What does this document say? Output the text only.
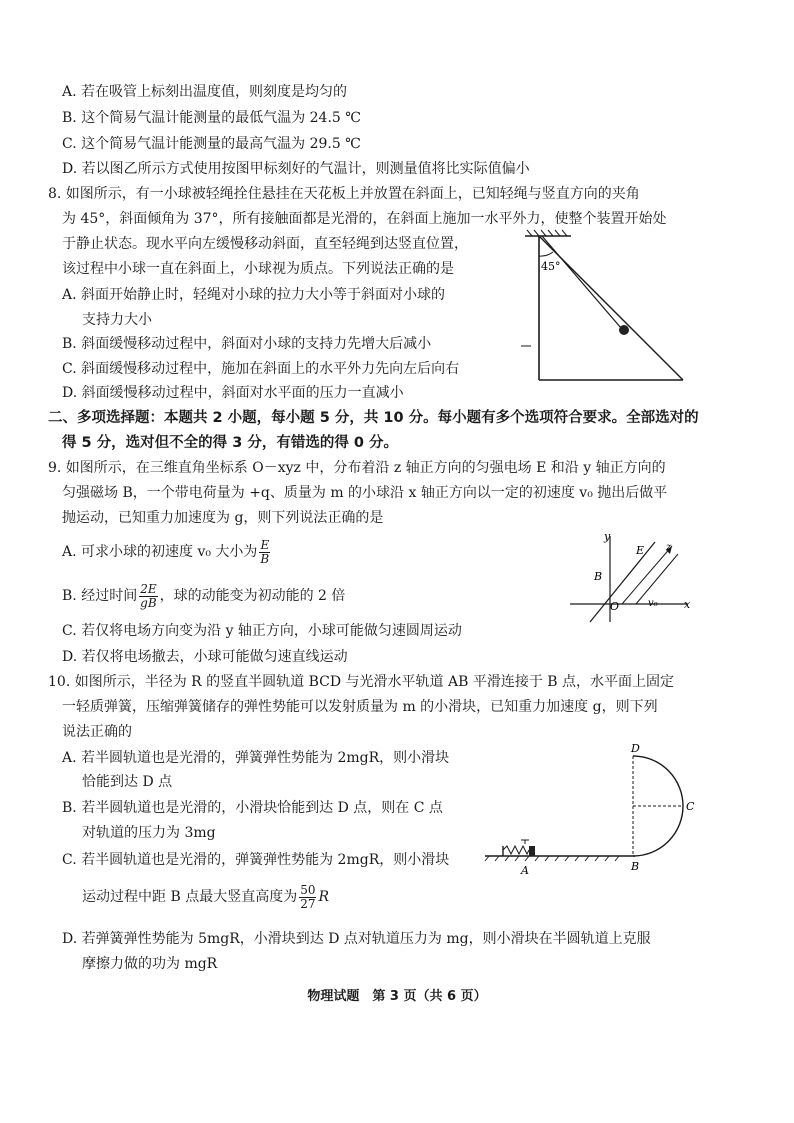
A. 若在吸管上标刻出温度值，则刻度是均匀的
B. 这个简易气温计能测量的最低气温为 24.5 ℃
C. 这个简易气温计能测量的最高气温为 29.5 ℃
D. 若以图乙所示方式使用按图甲标刻好的气温计，则测量值将比实际值偏小
8. 如图所示，有一小球被轻绳拴住悬挂在天花板上并放置在斜面上，已知轻绳与竖直方向的夹角
为 45°，斜面倾角为 37°，所有接触面都是光滑的，在斜面上施加一水平外力，使整个装置开始处
于静止状态。现水平向左缓慢移动斜面，直至轻绳到达竖直位置，
该过程中小球一直在斜面上，小球视为质点。下列说法正确的是
A. 斜面开始静止时，轻绳对小球的拉力大小等于斜面对小球的
支持力大小
B. 斜面缓慢移动过程中，斜面对小球的支持力先增大后减小
C. 斜面缓慢移动过程中，施加在斜面上的水平外力先向左后向右
D. 斜面缓慢移动过程中，斜面对水平面的压力一直减小
45°
二、多项选择题：本题共 2 小题，每小题 5 分，共 10 分。每小题有多个选项符合要求。全部选对的
得 5 分，选对但不全的得 3 分，有错选的得 0 分。
9. 如图所示，在三维直角坐标系 O－xyz 中，分布着沿 z 轴正方向的匀强电场 E 和沿 y 轴正方向的
匀强磁场 B，一个带电荷量为 +q、质量为 m 的小球沿 x 轴正方向以一定的初速度 v₀ 抛出后做平
抛运动，已知重力加速度为 g，则下列说法正确的是
A. 可求小球的初速度 v₀ 大小为 $\frac{E}{B}$
B. 经过时间 $\frac{2E}{gB}$ ，球的动能变为初动能的 2 倍
C. 若仅将电场方向变为沿 y 轴正方向，小球可能做匀速圆周运动
D. 若仅将电场撤去，小球可能做匀速直线运动
y
z
x
O
E
B
v₀
10. 如图所示，半径为 R 的竖直半圆轨道 BCD 与光滑水平轨道 AB 平滑连接于 B 点，水平面上固定
一轻质弹簧，压缩弹簧储存的弹性势能可以发射质量为 m 的小滑块，已知重力加速度 g，则下列
说法正确的
A. 若半圆轨道也是光滑的，弹簧弹性势能为 2mgR，则小滑块
恰能到达 D 点
B. 若半圆轨道也是光滑的，小滑块恰能到达 D 点，则在 C 点
对轨道的压力为 3mg
C. 若半圆轨道也是光滑的，弹簧弹性势能为 2mgR，则小滑块
运动过程中距 B 点最大竖直高度为 $\frac{50}{27}$ R
D. 若弹簧弹性势能为 5mgR，小滑块到达 D 点对轨道压力为 mg，则小滑块在半圆轨道上克服
摩擦力做的功为 mgR
D
C
A	B
物理试题　第 3 页（共 6 页）
